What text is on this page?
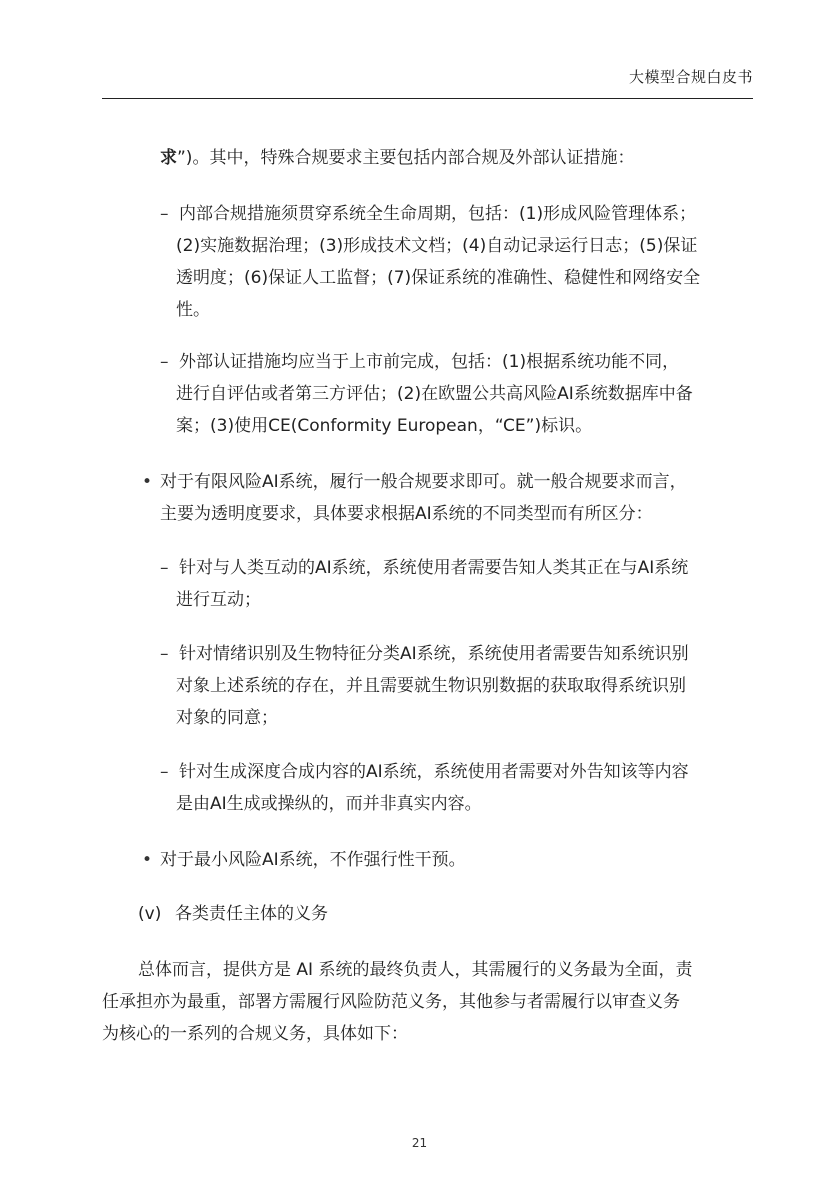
大模型合规白皮书
求”)。其中，特殊合规要求主要包括内部合规及外部认证措施：
– 内部合规措施须贯穿系统全生命周期，包括：(1)形成风险管理体系；
(2)实施数据治理；(3)形成技术文档；(4)自动记录运行日志；(5)保证
透明度；(6)保证人工监督；(7)保证系统的准确性、稳健性和网络安全
性。
– 外部认证措施均应当于上市前完成，包括：(1)根据系统功能不同，
进行自评估或者第三方评估；(2)在欧盟公共高风险AI系统数据库中备
案；(3)使用CE(Conformity European，“CE”)标识。
• 对于有限风险AI系统，履行一般合规要求即可。就一般合规要求而言，
主要为透明度要求，具体要求根据AI系统的不同类型而有所区分：
– 针对与人类互动的AI系统，系统使用者需要告知人类其正在与AI系统
进行互动；
– 针对情绪识别及生物特征分类AI系统，系统使用者需要告知系统识别
对象上述系统的存在，并且需要就生物识别数据的获取取得系统识别
对象的同意；
– 针对生成深度合成内容的AI系统，系统使用者需要对外告知该等内容
是由AI生成或操纵的，而并非真实内容。
• 对于最小风险AI系统，不作强行性干预。
(v) 各类责任主体的义务
总体而言，提供方是 AI 系统的最终负责人，其需履行的义务最为全面，责
任承担亦为最重，部署方需履行风险防范义务，其他参与者需履行以审查义务
为核心的一系列的合规义务，具体如下：
21
